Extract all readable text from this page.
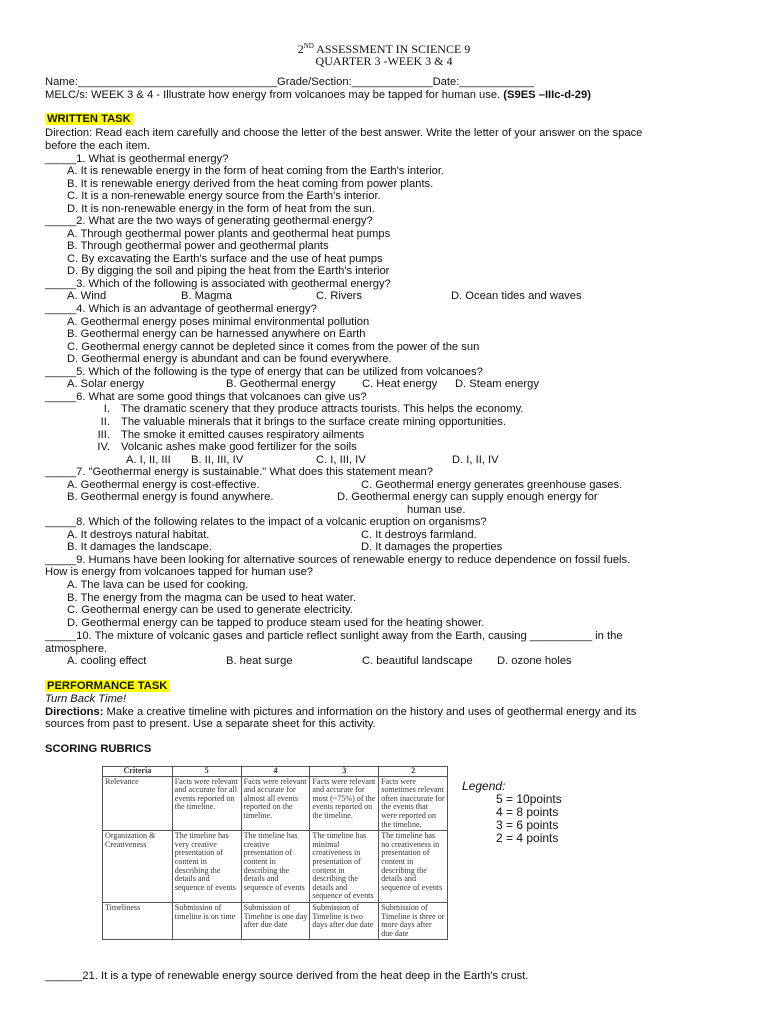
2ND ASSESSMENT IN SCIENCE 9
QUARTER 3 -WEEK 3 & 4
Name:________________________________Grade/Section:_____________Date:____________
MELC/s: WEEK 3 & 4 - Illustrate how energy from volcanoes may be tapped for human use. (S9ES –IIIc-d-29)
WRITTEN TASK
Direction: Read each item carefully and choose the letter of the best answer. Write the letter of your answer on the space
before the each item.
_____1. What is geothermal energy?
A. It is renewable energy in the form of heat coming from the Earth's interior.
B. It is renewable energy derived from the heat coming from power plants.
C. It is a non-renewable energy source from the Earth's interior.
D. It is non-renewable energy in the form of heat from the sun.
_____2. What are the two ways of generating geothermal energy?
A. Through geothermal power plants and geothermal heat pumps
B. Through geothermal power and geothermal plants
C. By excavating the Earth's surface and the use of heat pumps
D. By digging the soil and piping the heat from the Earth's interior
_____3. Which of the following is associated with geothermal energy?
A. Wind	B. Magma	C. Rivers	D. Ocean tides and waves
_____4. Which is an advantage of geothermal energy?
A. Geothermal energy poses minimal environmental pollution
B. Geothermal energy can be harnessed anywhere on Earth
C. Geothermal energy cannot be depleted since it comes from the power of the sun
D. Geothermal energy is abundant and can be found everywhere.
_____5. Which of the following is the type of energy that can be utilized from volcanoes?
A. Solar energy	B. Geothermal energy C. Heat energy D. Steam energy
_____6. What are some good things that volcanoes can give us?
I. The dramatic scenery that they produce attracts tourists. This helps the economy.
II. The valuable minerals that it brings to the surface create mining opportunities.
III. The smoke it emitted causes respiratory ailments
IV. Volcanic ashes make good fertilizer for the soils
A. I, II, III B. II, III, IV	C. I, III, IV	D. I, II, IV
_____7. "Geothermal energy is sustainable." What does this statement mean?
A. Geothermal energy is cost-effective.	C. Geothermal energy generates greenhouse gases.
B. Geothermal energy is found anywhere.	D. Geothermal energy can supply enough energy for
human use.
_____8. Which of the following relates to the impact of a volcanic eruption on organisms?
A. It destroys natural habitat.	C. It destroys farmland.
B. It damages the landscape.	D. It damages the properties
_____9. Humans have been looking for alternative sources of renewable energy to reduce dependence on fossil fuels.
How is energy from volcanoes tapped for human use?
A. The lava can be used for cooking.
B. The energy from the magma can be used to heat water.
C. Geothermal energy can be used to generate electricity.
D. Geothermal energy can be tapped to produce steam used for the heating shower.
_____10. The mixture of volcanic gases and particle reflect sunlight away from the Earth, causing __________ in the
atmosphere.
A. cooling effect	B. heat surge	C. beautiful landscape D. ozone holes
PERFORMANCE TASK
Turn Back Time!
Directions: Make a creative timeline with pictures and information on the history and uses of geothermal energy and its
sources from past to present. Use a separate sheet for this activity.
SCORING RUBRICS
Criteria	5	4	3	2
Relevance	Facts were relevant and accurate for all events reported on the timeline.	Facts were relevant and accurate for almost all events reported on the timeline.	Facts were relevant and accurate for most (~75%) of the events reported on the timeline.	Facts were sometimes relevant often inaccurate for the events that were reported on the timeline.
Organization & Creativeness	The timeline has very creative presentation of content in describing the details and sequence of events	The timeline has creative presentation of content in describing the details and sequence of events	The timeline has minimal creativeness in presentation of content in describing the details and sequence of events	The timeline has no creativeness in presentation of content in describing the details and sequence of events
Timeliness	Submission of timeline is on time	Submission of Timeline is one day after due date	Submission of Timeline is two days after due date	Submission of Timeline is three or more days after due date
Legend:
5 = 10points
4 = 8 points
3 = 6 points
2 = 4 points
______21. It is a type of renewable energy source derived from the heat deep in the Earth's crust.
